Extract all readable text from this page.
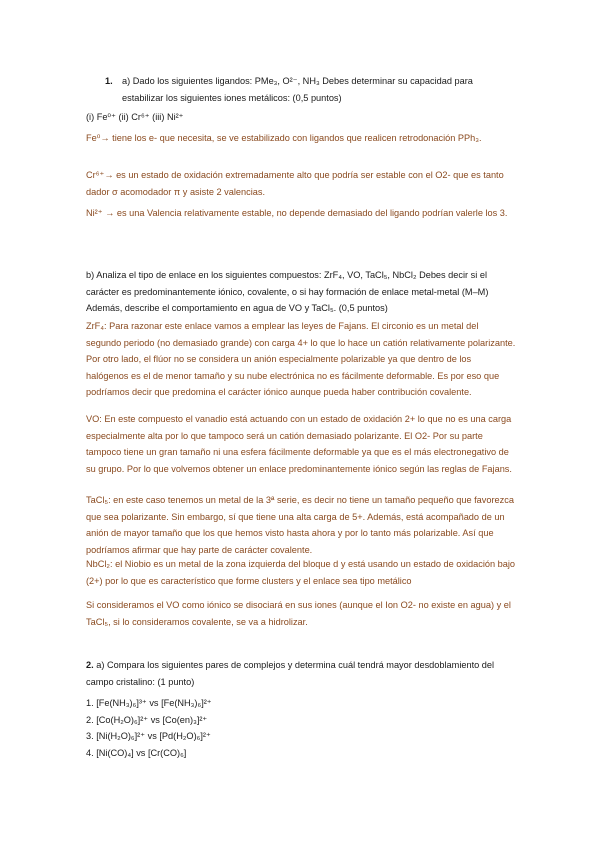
1.	a) Dado los siguientes ligandos: PMe₃, O²⁻, NH₃ Debes determinar su capacidad para estabilizar los siguientes iones metálicos: (0,5 puntos)
(i) Fe⁰⁺ (ii) Cr⁶⁺ (iii) Ni²⁺
Fe⁰→ tiene los e- que necesita, se ve estabilizado con ligandos que realicen retrodonación PPh₃.
Cr⁶⁺→ es un estado de oxidación extremadamente alto que podría ser estable con el O2- que es tanto dador σ acomodador π y asiste 2 valencias.
Ni²⁺ → es una Valencia relativamente estable, no depende demasiado del ligando podrían valerle los 3.
b) Analiza el tipo de enlace en los siguientes compuestos: ZrF₄, VO, TaCl₅, NbCl₂ Debes decir si el carácter es predominantemente iónico, covalente, o si hay formación de enlace metal-metal (M–M) Además, describe el comportamiento en agua de VO y TaCl₅. (0,5 puntos)
ZrF₄: Para razonar este enlace vamos a emplear las leyes de Fajans. El circonio es un metal del segundo periodo (no demasiado grande) con carga 4+ lo que lo hace un catión relativamente polarizante. Por otro lado, el flúor no se considera un anión especialmente polarizable ya que dentro de los halógenos es el de menor tamaño y su nube electrónica no es fácilmente deformable. Es por eso que podríamos decir que predomina el carácter iónico aunque pueda haber contribución covalente.
VO: En este compuesto el vanadio está actuando con un estado de oxidación 2+ lo que no es una carga especialmente alta por lo que tampoco será un catión demasiado polarizante. El O2- Por su parte tampoco tiene un gran tamaño ni una esfera fácilmente deformable ya que es el más electronegativo de su grupo. Por lo que volvemos obtener un enlace predominantemente iónico según las reglas de Fajans.
TaCl₅: en este caso tenemos un metal de la 3ª serie, es decir no tiene un tamaño pequeño que favorezca que sea polarizante. Sin embargo, sí que tiene una alta carga de 5+. Además, está acompañado de un anión de mayor tamaño que los que hemos visto hasta ahora y por lo tanto más polarizable. Así que podríamos afirmar que hay parte de carácter covalente.
NbCl₂: el Niobio es un metal de la zona izquierda del bloque d y está usando un estado de oxidación bajo (2+) por lo que es característico que forme clusters y el enlace sea tipo metálico
Si consideramos el VO como iónico se disociará en sus iones (aunque el Ion O2- no existe en agua) y el TaCl₅, si lo consideramos covalente, se va a hidrolizar.
2. a) Compara los siguientes pares de complejos y determina cuál tendrá mayor desdoblamiento del campo cristalino: (1 punto)
1. [Fe(NH₃)₆]³⁺ vs [Fe(NH₃)₆]²⁺
2. [Co(H₂O)₆]²⁺ vs [Co(en)₃]²⁺
3. [Ni(H₂O)₆]²⁺ vs [Pd(H₂O)₆]²⁺
4. [Ni(CO)₄] vs [Cr(CO)₆]
